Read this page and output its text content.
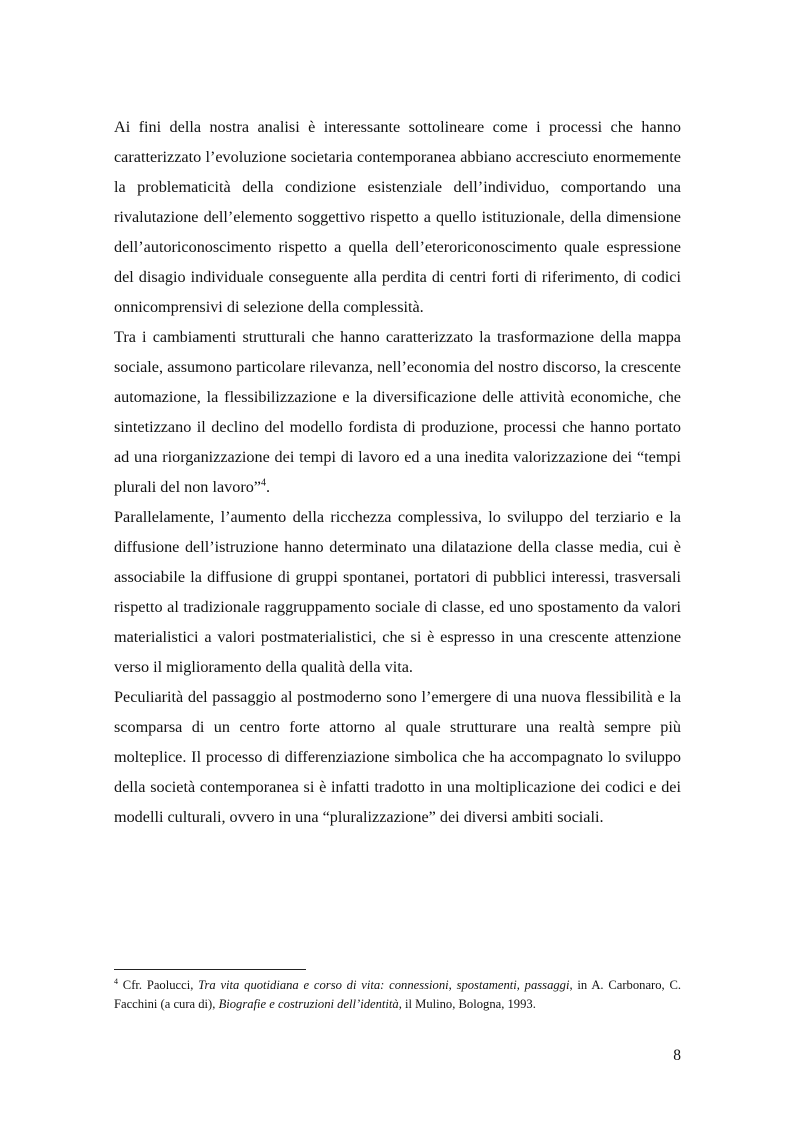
Ai fini della nostra analisi è interessante sottolineare come i processi che hanno caratterizzato l’evoluzione societaria contemporanea abbiano accresciuto enormemente la problematicità della condizione esistenziale dell’individuo, comportando una rivalutazione dell’elemento soggettivo rispetto a quello istituzionale, della dimensione dell’autoriconoscimento rispetto a quella dell’eteroriconoscimento quale espressione del disagio individuale conseguente alla perdita di centri forti di riferimento, di codici onnicomprensivi di selezione della complessità.

Tra i cambiamenti strutturali che hanno caratterizzato la trasformazione della mappa sociale, assumono particolare rilevanza, nell’economia del nostro discorso, la crescente automazione, la flessibilizzazione e la diversificazione delle attività economiche, che sintetizzano il declino del modello fordista di produzione, processi che hanno portato ad una riorganizzazione dei tempi di lavoro ed a una inedita valorizzazione dei “tempi plurali del non lavoro”$^4$.

Parallelamente, l’aumento della ricchezza complessiva, lo sviluppo del terziario e la diffusione dell’istruzione hanno determinato una dilatazione della classe media, cui è associabile la diffusione di gruppi spontanei, portatori di pubblici interessi, trasversali rispetto al tradizionale raggruppamento sociale di classe, ed uno spostamento da valori materialistici a valori postmaterialistici, che si è espresso in una crescente attenzione verso il miglioramento della qualità della vita.

Peculiarità del passaggio al postmoderno sono l’emergere di una nuova flessibilità e la scomparsa di un centro forte attorno al quale strutturare una realtà sempre più molteplice. Il processo di differenziazione simbolica che ha accompagnato lo sviluppo della società contemporanea si è infatti tradotto in una moltiplicazione dei codici e dei modelli culturali, ovvero in una “pluralizzazione” dei diversi ambiti sociali.

$^4$ Cfr. Paolucci, Tra vita quotidiana e corso di vita: connessioni, spostamenti, passaggi, in A. Carbonaro, C. Facchini (a cura di), Biografie e costruzioni dell’identità, il Mulino, Bologna, 1993.
8
